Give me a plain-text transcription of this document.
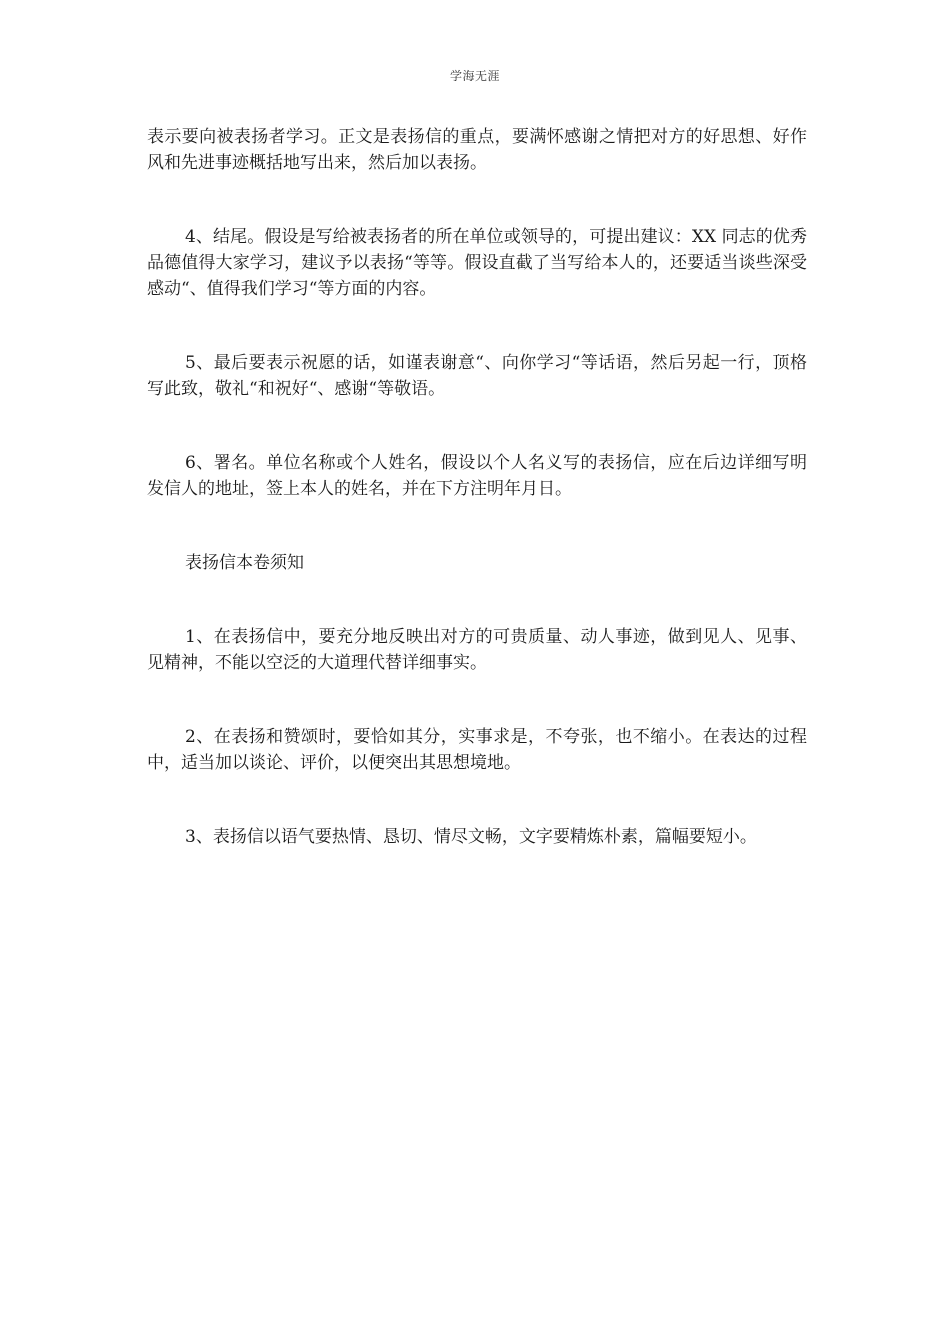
学海无涯

表示要向被表扬者学习。正文是表扬信的重点，要满怀感谢之情把对方的好思想、好作风和先进事迹概括地写出来，然后加以表扬。

4、结尾。假设是写给被表扬者的所在单位或领导的，可提出建议：XX 同志的优秀品德值得大家学习，建议予以表扬“等等。假设直截了当写给本人的，还要适当谈些深受感动“、值得我们学习“等方面的内容。

5、最后要表示祝愿的话，如谨表谢意“、向你学习“等话语，然后另起一行，顶格写此致，敬礼“和祝好“、感谢“等敬语。

6、署名。单位名称或个人姓名，假设以个人名义写的表扬信，应在后边详细写明发信人的地址，签上本人的姓名，并在下方注明年月日。

表扬信本卷须知

1、在表扬信中，要充分地反映出对方的可贵质量、动人事迹，做到见人、见事、见精神，不能以空泛的大道理代替详细事实。

2、在表扬和赞颂时，要恰如其分，实事求是，不夸张，也不缩小。在表达的过程中，适当加以谈论、评价，以便突出其思想境地。

3、表扬信以语气要热情、恳切、情尽文畅，文字要精炼朴素，篇幅要短小。
